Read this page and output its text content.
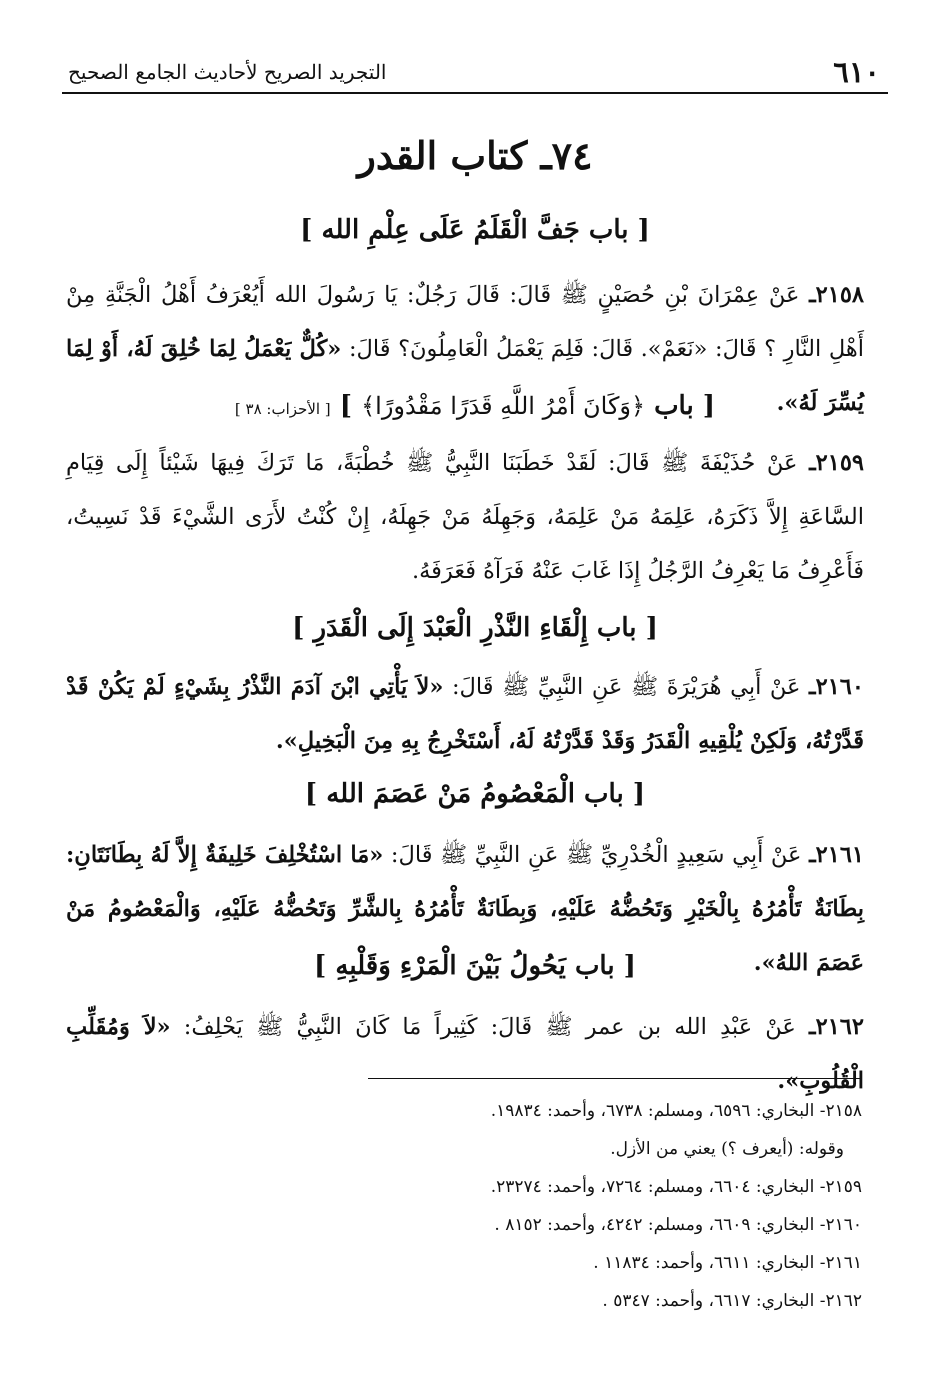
٦١٠
التجريد الصريح لأحاديث الجامع الصحيح
٧٤ـ كتاب القدر
[ باب جَفَّ الْقَلَمُ عَلَى عِلْمِ الله ]
٢١٥٨ـ عَنْ عِمْرَانَ بْنِ حُصَيْنٍ ﷺ قَالَ: قَالَ رَجُلٌ: يَا رَسُولَ الله أَيُعْرَفُ أَهْلُ الْجَنَّةِ مِنْ أَهْلِ النَّارِ ؟ قَالَ: «نَعَمْ». قَالَ: فَلِمَ يَعْمَلُ الْعَامِلُونَ؟ قَالَ: «كُلٌّ يَعْمَلُ لِمَا خُلِقَ لَهُ، أَوْ لِمَا يُسِّرَ لَهُ».
[ باب ﴿وَكَانَ أَمْرُ اللَّهِ قَدَرًا مَقْدُورًا﴾ ] [ الأحزاب: ٣٨ ]
٢١٥٩ـ عَنْ حُذَيْفَةَ ﷺ قَالَ: لَقَدْ خَطَبَنَا النَّبِيُّ ﷺ خُطْبَةً، مَا تَرَكَ فِيهَا شَيْئاً إِلَى قِيَامِ السَّاعَةِ إِلاَّ ذَكَرَهُ، عَلِمَهُ مَنْ عَلِمَهُ، وَجَهِلَهُ مَنْ جَهِلَهُ، إِنْ كُنْتُ لأَرَى الشَّيْءَ قَدْ نَسِيتُ، فَأَعْرِفُ مَا يَعْرِفُ الرَّجُلُ إِذَا غَابَ عَنْهُ فَرَآهُ فَعَرَفَهُ.
[ باب إِلْقَاءِ النَّذْرِ الْعَبْدَ إِلَى الْقَدَرِ ]
٢١٦٠ـ عَنْ أَبِي هُرَيْرَةَ ﷺ عَنِ النَّبِيِّ ﷺ قَالَ: «لاَ يَأْتِي ابْنَ آدَمَ النَّذْرُ بِشَيْءٍ لَمْ يَكُنْ قَدْ قَدَّرْتُهُ، وَلَكِنْ يُلْقِيهِ الْقَدَرُ وَقَدْ قَدَّرْتُهُ لَهُ، أَسْتَخْرِجُ بِهِ مِنَ الْبَخِيلِ».
[ باب الْمَعْصُومُ مَنْ عَصَمَ الله ]
٢١٦١ـ عَنْ أَبِي سَعِيدٍ الْخُدْرِيِّ ﷺ عَنِ النَّبِيِّ ﷺ قَالَ: «مَا اسْتُخْلِفَ خَلِيفَةٌ إِلاَّ لَهُ بِطَانَتَانِ: بِطَانَةٌ تَأْمُرُهُ بِالْخَيْرِ وَتَحُضُّهُ عَلَيْهِ، وَبِطَانَةٌ تَأْمُرُهُ بِالشَّرِّ وَتَحُضُّهُ عَلَيْهِ، وَالْمَعْصُومُ مَنْ عَصَمَ اللهُ».
[ باب يَحُولُ بَيْنَ الْمَرْءِ وَقَلْبِهِ ]
٢١٦٢ـ عَنْ عَبْدِ الله بن عمر ﷺ قَالَ: كَثِيراً مَا كَانَ النَّبِيُّ ﷺ يَحْلِفُ: «لاَ وَمُقَلِّبِ الْقُلُوبِ».
٢١٥٨- البخاري: ٦٥٩٦، ومسلم: ٦٧٣٨، وأحمد: ١٩٨٣٤.
وقوله: (أيعرف ؟) يعني من الأزل.
٢١٥٩- البخاري: ٦٦٠٤، ومسلم: ٧٢٦٤، وأحمد: ٢٣٢٧٤.
٢١٦٠- البخاري: ٦٦٠٩، ومسلم: ٤٢٤٢، وأحمد: ٨١٥٢ .
٢١٦١- البخاري: ٦٦١١، وأحمد: ١١٨٣٤ .
٢١٦٢- البخاري: ٦٦١٧، وأحمد: ٥٣٤٧ .
